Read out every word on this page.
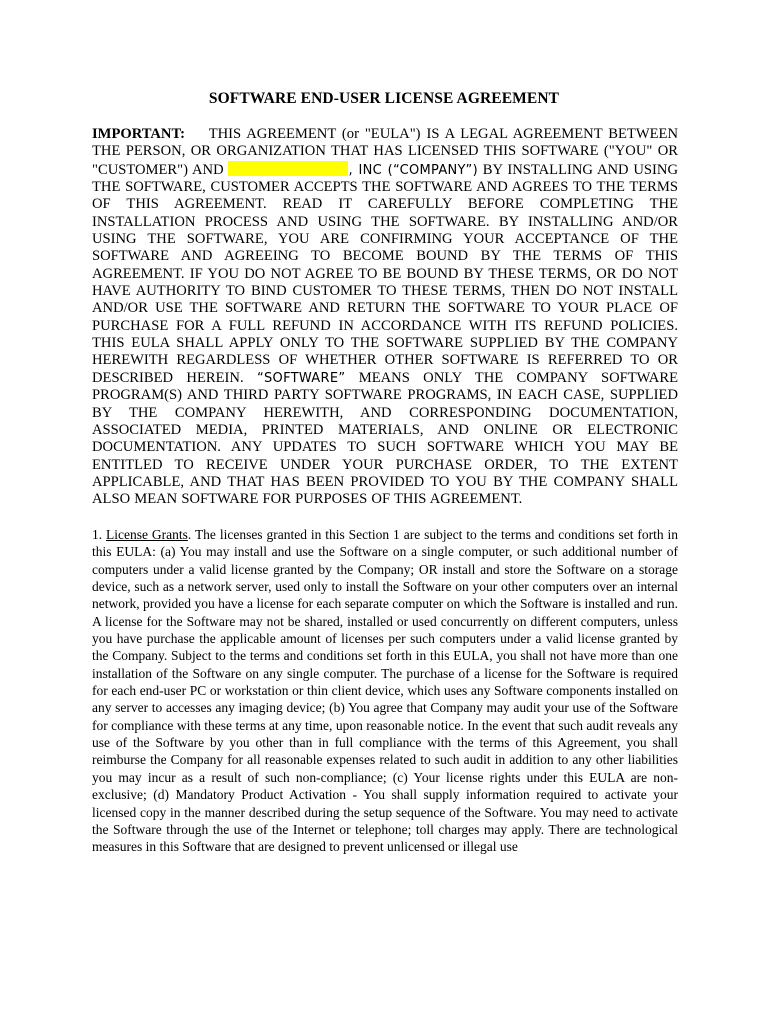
SOFTWARE END-USER LICENSE AGREEMENT
IMPORTANT: THIS AGREEMENT (or "EULA") IS A LEGAL AGREEMENT BETWEEN THE PERSON, OR ORGANIZATION THAT HAS LICENSED THIS SOFTWARE ("YOU" OR "CUSTOMER") AND	, INC (“COMPANY”) BY INSTALLING AND USING THE SOFTWARE, CUSTOMER ACCEPTS THE SOFTWARE AND AGREES TO THE TERMS OF THIS AGREEMENT. READ IT CAREFULLY BEFORE COMPLETING THE INSTALLATION PROCESS AND USING THE SOFTWARE. BY INSTALLING AND/OR USING THE SOFTWARE, YOU ARE CONFIRMING YOUR ACCEPTANCE OF THE SOFTWARE AND AGREEING TO BECOME BOUND BY THE TERMS OF THIS AGREEMENT. IF YOU DO NOT AGREE TO BE BOUND BY THESE TERMS, OR DO NOT HAVE AUTHORITY TO BIND CUSTOMER TO THESE TERMS, THEN DO NOT INSTALL AND/OR USE THE SOFTWARE AND RETURN THE SOFTWARE TO YOUR PLACE OF PURCHASE FOR A FULL REFUND IN ACCORDANCE WITH ITS REFUND POLICIES. THIS EULA SHALL APPLY ONLY TO THE SOFTWARE SUPPLIED BY THE COMPANY HEREWITH REGARDLESS OF WHETHER OTHER SOFTWARE IS REFERRED TO OR DESCRIBED HEREIN. “SOFTWARE” MEANS ONLY THE COMPANY SOFTWARE PROGRAM(S) AND THIRD PARTY SOFTWARE PROGRAMS, IN EACH CASE, SUPPLIED BY THE COMPANY HEREWITH, AND CORRESPONDING DOCUMENTATION, ASSOCIATED MEDIA, PRINTED MATERIALS, AND ONLINE OR ELECTRONIC DOCUMENTATION. ANY UPDATES TO SUCH SOFTWARE WHICH YOU MAY BE ENTITLED TO RECEIVE UNDER YOUR PURCHASE ORDER, TO THE EXTENT APPLICABLE, AND THAT HAS BEEN PROVIDED TO YOU BY THE COMPANY SHALL ALSO MEAN SOFTWARE FOR PURPOSES OF THIS AGREEMENT.
1. License Grants. The licenses granted in this Section 1 are subject to the terms and conditions set forth in this EULA: (a) You may install and use the Software on a single computer, or such additional number of computers under a valid license granted by the Company; OR install and store the Software on a storage device, such as a network server, used only to install the Software on your other computers over an internal network, provided you have a license for each separate computer on which the Software is installed and run. A license for the Software may not be shared, installed or used concurrently on different computers, unless you have purchase the applicable amount of licenses per such computers under a valid license granted by the Company. Subject to the terms and conditions set forth in this EULA, you shall not have more than one installation of the Software on any single computer. The purchase of a license for the Software is required for each end-user PC or workstation or thin client device, which uses any Software components installed on any server to accesses any imaging device; (b) You agree that Company may audit your use of the Software for compliance with these terms at any time, upon reasonable notice. In the event that such audit reveals any use of the Software by you other than in full compliance with the terms of this Agreement, you shall reimburse the Company for all reasonable expenses related to such audit in addition to any other liabilities you may incur as a result of such non-compliance; (c) Your license rights under this EULA are non-exclusive; (d) Mandatory Product Activation - You shall supply information required to activate your licensed copy in the manner described during the setup sequence of the Software. You may need to activate the Software through the use of the Internet or telephone; toll charges may apply. There are technological measures in this Software that are designed to prevent unlicensed or illegal use
